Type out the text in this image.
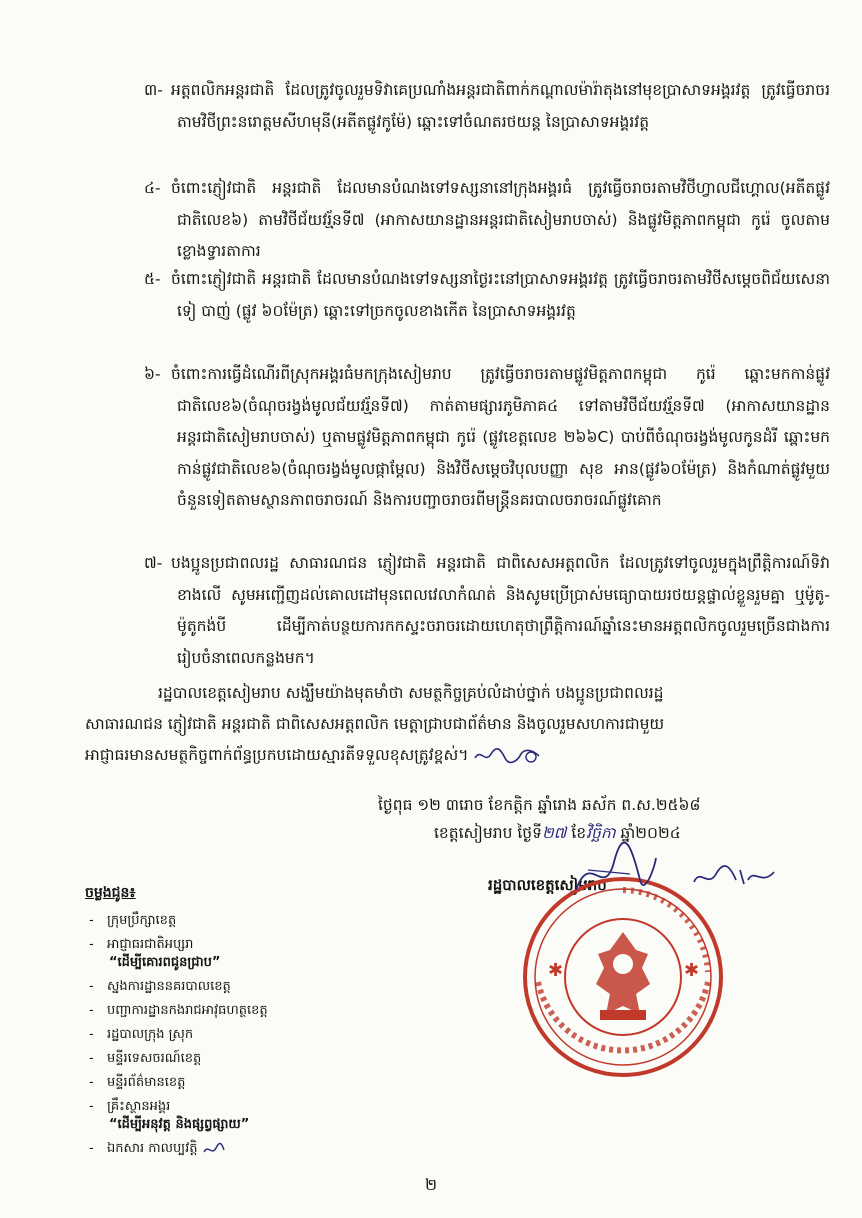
៣- អត្តពលិកអន្តរជាតិ ដែលត្រូវចូលរួមទិវាគេប្រណាំងអន្តរជាតិពាក់កណ្តាលម៉ារ៉ាតុងនៅមុខប្រាសាទអង្គរវត្ត ត្រូវធ្វើចរាចរតាមវិថីព្រះនរោត្តមសីហមុនី(អតីតផ្លូវកូម៉ែ) ឆ្ពោះទៅចំណតរថយន្ត នៃប្រាសាទអង្គរវត្ត
៤- ចំពោះភ្ញៀវជាតិ អន្តរជាតិ ដែលមានបំណងទៅទស្សនានៅក្រុងអង្គរធំ ត្រូវធ្វើចរាចរតាមវិថីហ្វាលជីហ្គោល(អតីតផ្លូវជាតិលេខ៦) តាមវិថីជ័យវរ្ម័នទី៧ (អាកាសយានដ្ឋានអន្តរជាតិសៀមរាបចាស់) និងផ្លូវមិត្តភាពកម្ពុជា កូរ៉េ ចូលតាមខ្លោងទ្វារតាការ
៥- ចំពោះភ្ញៀវជាតិ អន្តរជាតិ ដែលមានបំណងទៅទស្សនាថ្ងៃរះនៅប្រាសាទអង្គរវត្ត ត្រូវធ្វើចរាចរតាមវិថីសម្តេចពិជ័យសេនា ទៀ បាញ់ (ផ្លូវ ៦០ម៉ែត្រ) ឆ្ពោះទៅច្រកចូលខាងកើត នៃប្រាសាទអង្គរវត្ត
៦- ចំពោះការធ្វើដំណើរពីស្រុកអង្គរធំមកក្រុងសៀមរាប ត្រូវធ្វើចរាចរតាមផ្លូវមិត្តភាពកម្ពុជា កូរ៉េ ឆ្ពោះមកកាន់ផ្លូវជាតិលេខ៦(ចំណុចរង្វង់មូលជ័យវរ្ម័នទី៧) កាត់តាមផ្សារភូមិភាគ៤ ទៅតាមវិថីជ័យវរ្ម័នទី៧ (អាកាសយានដ្ឋានអន្តរជាតិសៀមរាបចាស់) ឬតាមផ្លូវមិត្តភាពកម្ពុជា កូរ៉េ (ផ្លូវខេត្តលេខ ២៦៦C) បាប់ពីចំណុចរង្វង់មូលកូនដំរី ឆ្ពោះមកកាន់ផ្លូវជាតិលេខ៦(ចំណុចរង្វង់មូលផ្កាម្ដែល) និងវិថីសម្តេចវិបុលបញ្ញា សុខ អាន(ផ្លូវ៦០ម៉ែត្រ) និងកំណាត់ផ្លូវមួយចំនួនទៀតតាមស្ថានភាពចរាចរណ៍ និងការបញ្ជាចរាចរពីមន្ត្រីនគរបាលចរាចរណ៍ផ្លូវគោក
៧- បងប្អូនប្រជាពលរដ្ឋ សាធារណជន ភ្ញៀវជាតិ អន្តរជាតិ ជាពិសេសអត្តពលិក ដែលត្រូវទៅចូលរួមក្នុងព្រឹត្តិការណ៍ទិវាខាងលើ សូមអញ្ជើញដល់គោលដៅមុនពេលវេលាកំណត់ និងសូមប្រើប្រាស់មធ្យោបាយរថយន្តផ្ទាល់ខ្លួនរួមគ្នា ឬម៉ូតូ-ម៉ូតូកង់បី ដើម្បីកាត់បន្ថយការកកស្ទះចរាចរដោយហេតុថាព្រឹត្តិការណ៍ឆ្នាំនេះមានអត្តពលិកចូលរួមច្រើនជាងការរៀបចំនាពេលកន្លងមក។
រដ្ឋបាលខេត្តសៀមរាប សង្ឃឹមយ៉ាងមុតមាំថា សមត្ថកិច្ចគ្រប់លំដាប់ថ្នាក់ បងប្អូនប្រជាពលរដ្ឋ
សាធារណជន ភ្ញៀវជាតិ អន្តរជាតិ ជាពិសេសអត្តពលិក មេត្តាជ្រាបជាព័ត៌មាន និងចូលរួមសហការជាមួយ
អាជ្ញាធរមានសមត្ថកិច្ចពាក់ព័ន្ធប្រកបដោយស្មារតីទទួលខុសត្រូវខ្ពស់។
ថ្ងៃពុធ ១២ ៣រោច ខែកត្តិក ឆ្នាំរោង ឆស័ក ព.ស.២៥៦៨
ខេត្តសៀមរាប ថ្ងៃទី២៧ ខែវិច្ឆិកា ឆ្នាំ២០២៤
រដ្ឋបាលខេត្តសៀមរាប
✱	✱
ចម្លងជូន៖
- ក្រុមប្រឹក្សាខេត្ត
- អាជ្ញាធរជាតិអប្សរា
“ដើម្បីគោរពជូនជ្រាប”
- ស្នងការដ្ឋាននគរបាលខេត្ត
- បញ្ជាការដ្ឋានកងរាជអាវុធហត្ថខេត្ត
- រដ្ឋបាលក្រុង ស្រុក
- មន្ទីរទេសចរណ៍ខេត្ត
- មន្ទីរព័ត៌មានខេត្ត
- គ្រឹះស្ថានអង្គរ
“ដើម្បីអនុវត្ត និងផ្សព្វផ្សាយ”
- ឯកសារ កាលប្បវត្តិ
២
